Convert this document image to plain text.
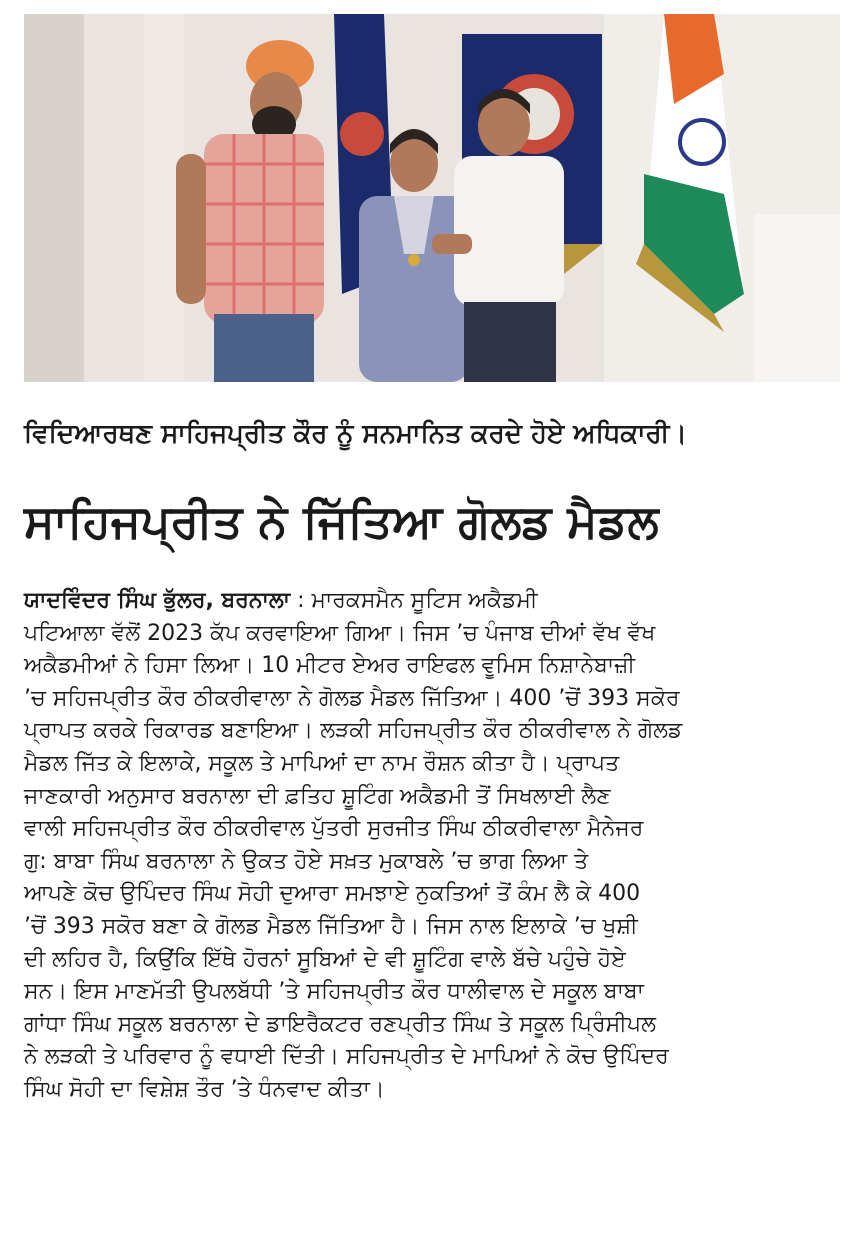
ਵਿਦਿਆਰਥਣ ਸਾਹਿਜਪ੍ਰੀਤ ਕੌਰ ਨੂੰ ਸਨਮਾਨਿਤ ਕਰਦੇ ਹੋਏ ਅਧਿਕਾਰੀ।
ਸਾਹਿਜਪ੍ਰੀਤ ਨੇ ਜਿੱਤਿਆ ਗੋਲਡ ਮੈਡਲ
ਯਾਦਵਿੰਦਰ ਸਿੰਘ ਭੁੱਲਰ, ਬਰਨਾਲਾ : ਮਾਰਕਸਮੈਨ ਸੂਟਿਸ ਅਕੈਡਮੀ
ਪਟਿਆਲਾ ਵੱਲੋਂ 2023 ਕੱਪ ਕਰਵਾਇਆ ਗਿਆ। ਜਿਸ ’ਚ ਪੰਜਾਬ ਦੀਆਂ ਵੱਖ ਵੱਖ
ਅਕੈਡਮੀਆਂ ਨੇ ਹਿਸਾ ਲਿਆ। 10 ਮੀਟਰ ਏਅਰ ਰਾਇਫਲ ਵੂਮਿਸ ਨਿਸ਼ਾਨੇਬਾਜ਼ੀ
’ਚ ਸਹਿਜਪ੍ਰੀਤ ਕੌਰ ਠੀਕਰੀਵਾਲਾ ਨੇ ਗੋਲਡ ਮੈਡਲ ਜਿੱਤਿਆ। 400 ’ਚੋਂ 393 ਸਕੋਰ
ਪ੍ਰਾਪਤ ਕਰਕੇ ਰਿਕਾਰਡ ਬਣਾਇਆ। ਲੜਕੀ ਸਹਿਜਪ੍ਰੀਤ ਕੌਰ ਠੀਕਰੀਵਾਲ ਨੇ ਗੋਲਡ
ਮੈਡਲ ਜਿੱਤ ਕੇ ਇਲਾਕੇ, ਸਕੂਲ ਤੇ ਮਾਪਿਆਂ ਦਾ ਨਾਮ ਰੌਸ਼ਨ ਕੀਤਾ ਹੈ। ਪ੍ਰਾਪਤ
ਜਾਣਕਾਰੀ ਅਨੁਸਾਰ ਬਰਨਾਲਾ ਦੀ ਫ਼ਤਿਹ ਸ਼ੂਟਿੰਗ ਅਕੈਡਮੀ ਤੋਂ ਸਿਖਲਾਈ ਲੈਣ
ਵਾਲੀ ਸਹਿਜਪ੍ਰੀਤ ਕੌਰ ਠੀਕਰੀਵਾਲ ਪੁੱਤਰੀ ਸੁਰਜੀਤ ਸਿੰਘ ਠੀਕਰੀਵਾਲਾ ਮੈਨੇਜਰ
ਗੁ: ਬਾਬਾ ਸਿੰਘ ਬਰਨਾਲਾ ਨੇ ਉਕਤ ਹੋਏ ਸਖ਼ਤ ਮੁਕਾਬਲੇ ’ਚ ਭਾਗ ਲਿਆ ਤੇ
ਆਪਣੇ ਕੋਚ ਉਪਿੰਦਰ ਸਿੰਘ ਸੋਹੀ ਦੁਆਰਾ ਸਮਝਾਏ ਨੁਕਤਿਆਂ ਤੋਂ ਕੰਮ ਲੈ ਕੇ 400
’ਚੋਂ 393 ਸਕੋਰ ਬਣਾ ਕੇ ਗੋਲਡ ਮੈਡਲ ਜਿੱਤਿਆ ਹੈ। ਜਿਸ ਨਾਲ ਇਲਾਕੇ ’ਚ ਖੁਸ਼ੀ
ਦੀ ਲਹਿਰ ਹੈ, ਕਿਉਂਕਿ ਇੱਥੇ ਹੋਰਨਾਂ ਸੂਬਿਆਂ ਦੇ ਵੀ ਸ਼ੂਟਿੰਗ ਵਾਲੇ ਬੱਚੇ ਪਹੁੰਚੇ ਹੋਏ
ਸਨ। ਇਸ ਮਾਣਮੱਤੀ ਉਪਲਬੱਧੀ ’ਤੇ ਸਹਿਜਪ੍ਰੀਤ ਕੌਰ ਧਾਲੀਵਾਲ ਦੇ ਸਕੂਲ ਬਾਬਾ
ਗਾਂਧਾ ਸਿੰਘ ਸਕੂਲ ਬਰਨਾਲਾ ਦੇ ਡਾਇਰੈਕਟਰ ਰਣਪ੍ਰੀਤ ਸਿੰਘ ਤੇ ਸਕੂਲ ਪ੍ਰਿੰਸੀਪਲ
ਨੇ ਲੜਕੀ ਤੇ ਪਰਿਵਾਰ ਨੂੰ ਵਧਾਈ ਦਿੱਤੀ। ਸਹਿਜਪ੍ਰੀਤ ਦੇ ਮਾਪਿਆਂ ਨੇ ਕੋਚ ਉਪਿੰਦਰ
ਸਿੰਘ ਸੋਹੀ ਦਾ ਵਿਸ਼ੇਸ਼ ਤੌਰ ’ਤੇ ਧੰਨਵਾਦ ਕੀਤਾ।
